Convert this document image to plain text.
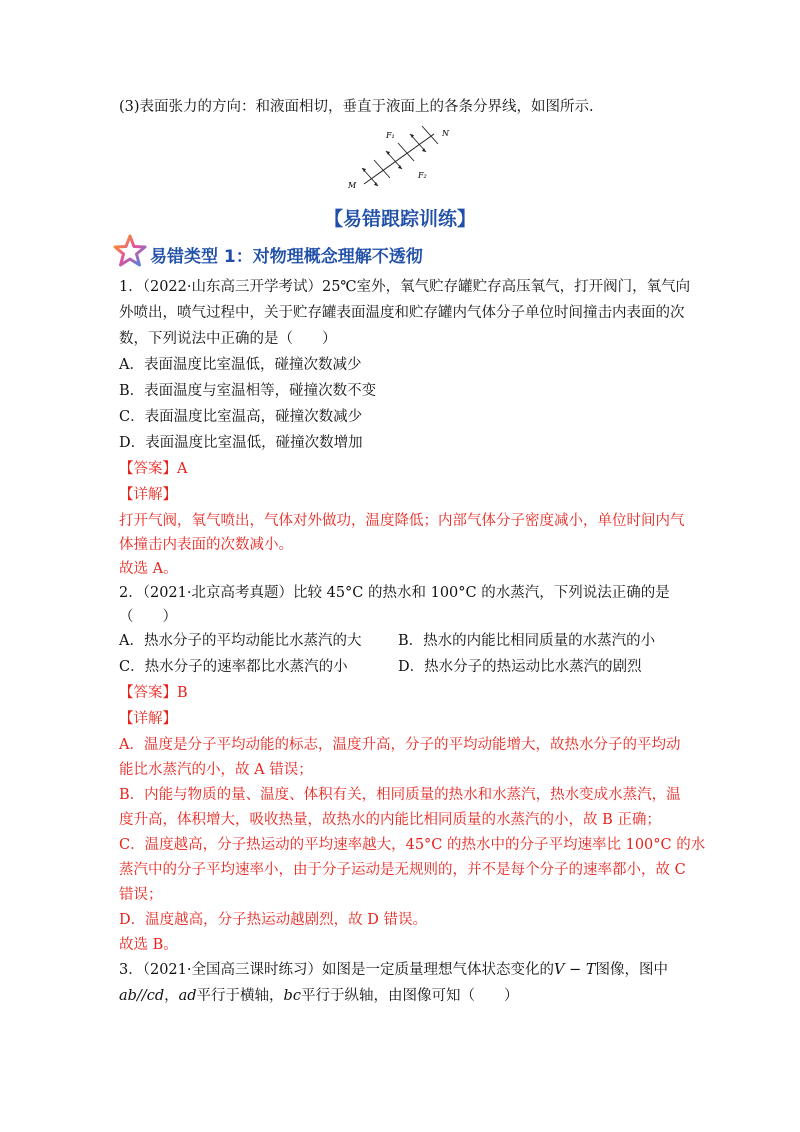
(3)表面张力的方向：和液面相切，垂直于液面上的各条分界线，如图所示.
F₁
F₂
M
N
【易错跟踪训练】
易错类型 1：对物理概念理解不透彻
1．（2022·山东高三开学考试）25℃室外，氧气贮存罐贮存高压氧气，打开阀门，氧气向
外喷出，喷气过程中，关于贮存罐表面温度和贮存罐内气体分子单位时间撞击内表面的次
数，下列说法中正确的是（　　）
A．表面温度比室温低，碰撞次数减少
B．表面温度与室温相等，碰撞次数不变
C．表面温度比室温高，碰撞次数减少
D．表面温度比室温低，碰撞次数增加
【答案】A
【详解】
打开气阀，氧气喷出，气体对外做功，温度降低；内部气体分子密度减小，单位时间内气
体撞击内表面的次数减小。
故选 A。
2．（2021·北京高考真题）比较 45°C 的热水和 100°C 的水蒸汽，下列说法正确的是
（　　）
A．热水分子的平均动能比水蒸汽的大	B．热水的内能比相同质量的水蒸汽的小
C．热水分子的速率都比水蒸汽的小	D．热水分子的热运动比水蒸汽的剧烈
【答案】B
【详解】
A．温度是分子平均动能的标志，温度升高，分子的平均动能增大，故热水分子的平均动
能比水蒸汽的小，故 A 错误；
B．内能与物质的量、温度、体积有关，相同质量的热水和水蒸汽，热水变成水蒸汽，温
度升高，体积增大，吸收热量，故热水的内能比相同质量的水蒸汽的小，故 B 正确；
C．温度越高，分子热运动的平均速率越大，45°C 的热水中的分子平均速率比 100°C 的水
蒸汽中的分子平均速率小，由于分子运动是无规则的，并不是每个分子的速率都小，故 C
错误；
D．温度越高，分子热运动越剧烈，故 D 错误。
故选 B。
3．（2021·全国高三课时练习）如图是一定质量理想气体状态变化的V − T图像，图中
ab//cd，ad平行于横轴，bc平行于纵轴，由图像可知（　　）
